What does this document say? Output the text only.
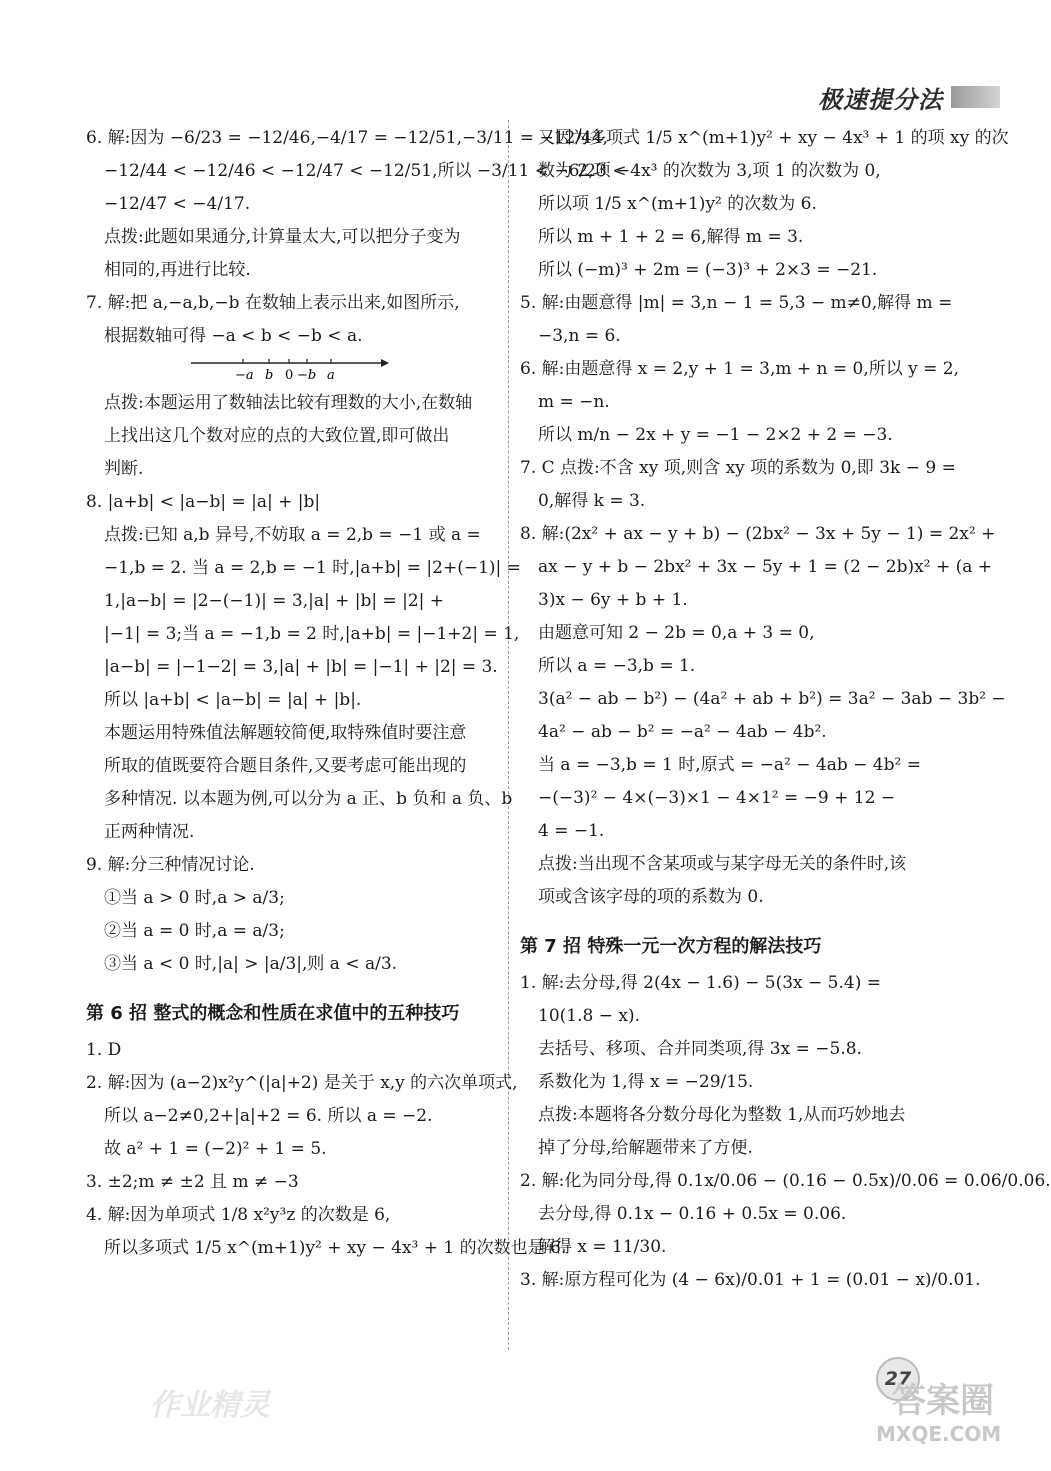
极速提分法
6. 解:因为 −6/23 = −12/46,−4/17 = −12/51,−3/11 = −12/44,
−12/44 < −12/46 < −12/47 < −12/51,所以 −3/11 < −6/23 <
−12/47 < −4/17.
点拨:此题如果通分,计算量太大,可以把分子变为
相同的,再进行比较.
7. 解:把 a,−a,b,−b 在数轴上表示出来,如图所示,
根据数轴可得 −a < b < −b < a.
−a b 0 −b a
点拨:本题运用了数轴法比较有理数的大小,在数轴
上找出这几个数对应的点的大致位置,即可做出
判断.
8. |a+b| < |a−b| = |a| + |b|
点拨:已知 a,b 异号,不妨取 a = 2,b = −1 或 a =
−1,b = 2. 当 a = 2,b = −1 时,|a+b| = |2+(−1)| =
1,|a−b| = |2−(−1)| = 3,|a| + |b| = |2| +
|−1| = 3;当 a = −1,b = 2 时,|a+b| = |−1+2| = 1,
|a−b| = |−1−2| = 3,|a| + |b| = |−1| + |2| = 3.
所以 |a+b| < |a−b| = |a| + |b|.
本题运用特殊值法解题较简便,取特殊值时要注意
所取的值既要符合题目条件,又要考虑可能出现的
多种情况. 以本题为例,可以分为 a 正、b 负和 a 负、b
正两种情况.
9. 解:分三种情况讨论.
①当 a > 0 时,a > a/3;
②当 a = 0 时,a = a/3;
③当 a < 0 时,|a| > |a/3|,则 a < a/3.
第 6 招 整式的概念和性质在求值中的五种技巧
1. D
2. 解:因为 (a−2)x²y^(|a|+2) 是关于 x,y 的六次单项式,
所以 a−2≠0,2+|a|+2 = 6. 所以 a = −2.
故 a² + 1 = (−2)² + 1 = 5.
3. ±2;m ≠ ±2 且 m ≠ −3
4. 解:因为单项式 1/8 x²y³z 的次数是 6,
所以多项式 1/5 x^(m+1)y² + xy − 4x³ + 1 的次数也是 6.
又因为多项式 1/5 x^(m+1)y² + xy − 4x³ + 1 的项 xy 的次
数为 2,项 −4x³ 的次数为 3,项 1 的次数为 0,
所以项 1/5 x^(m+1)y² 的次数为 6.
所以 m + 1 + 2 = 6,解得 m = 3.
所以 (−m)³ + 2m = (−3)³ + 2×3 = −21.
5. 解:由题意得 |m| = 3,n − 1 = 5,3 − m≠0,解得 m =
−3,n = 6.
6. 解:由题意得 x = 2,y + 1 = 3,m + n = 0,所以 y = 2,
m = −n.
所以 m/n − 2x + y = −1 − 2×2 + 2 = −3.
7. C 点拨:不含 xy 项,则含 xy 项的系数为 0,即 3k − 9 =
0,解得 k = 3.
8. 解:(2x² + ax − y + b) − (2bx² − 3x + 5y − 1) = 2x² +
ax − y + b − 2bx² + 3x − 5y + 1 = (2 − 2b)x² + (a +
3)x − 6y + b + 1.
由题意可知 2 − 2b = 0,a + 3 = 0,
所以 a = −3,b = 1.
3(a² − ab − b²) − (4a² + ab + b²) = 3a² − 3ab − 3b² −
4a² − ab − b² = −a² − 4ab − 4b².
当 a = −3,b = 1 时,原式 = −a² − 4ab − 4b² =
−(−3)² − 4×(−3)×1 − 4×1² = −9 + 12 −
4 = −1.
点拨:当出现不含某项或与某字母无关的条件时,该
项或含该字母的项的系数为 0.
第 7 招 特殊一元一次方程的解法技巧
1. 解:去分母,得 2(4x − 1.6) − 5(3x − 5.4) =
10(1.8 − x).
去括号、移项、合并同类项,得 3x = −5.8.
系数化为 1,得 x = −29/15.
点拨:本题将各分数分母化为整数 1,从而巧妙地去
掉了分母,给解题带来了方便.
2. 解:化为同分母,得 0.1x/0.06 − (0.16 − 0.5x)/0.06 = 0.06/0.06.
去分母,得 0.1x − 0.16 + 0.5x = 0.06.
解得 x = 11/30.
3. 解:原方程可化为 (4 − 6x)/0.01 + 1 = (0.01 − x)/0.01.
作业精灵
27
答案圈
MXQE.COM
